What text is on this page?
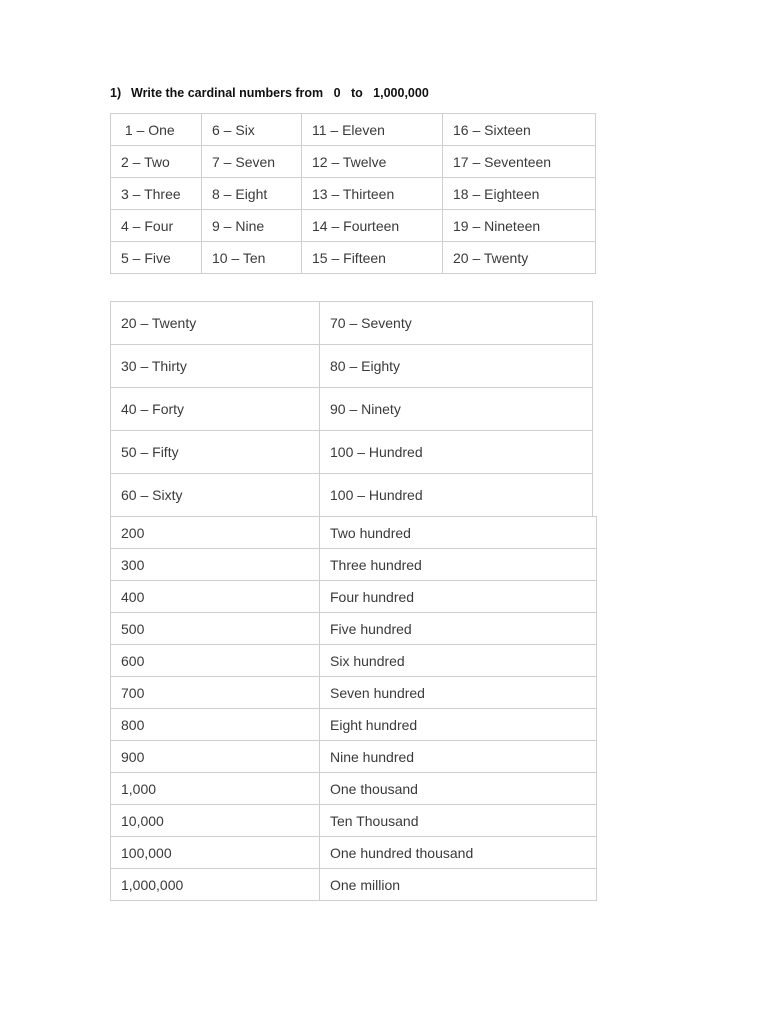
1) Write the cardinal numbers from   0   to   1,000,000
1 – One	6 – Six	11 – Eleven	16 – Sixteen
2 – Two	7 – Seven	12 – Twelve	17 – Seventeen
3 – Three	8 – Eight	13 – Thirteen	18 – Eighteen
4 – Four	9 – Nine	14 – Fourteen	19 – Nineteen
5 – Five	10 – Ten	15 – Fifteen	20 – Twenty
20 – Twenty	70 – Seventy
30 – Thirty	80 – Eighty
40 – Forty	90 – Ninety
50 – Fifty	100 – Hundred
60 – Sixty	100 – Hundred
200	Two hundred
300	Three hundred
400	Four hundred
500	Five hundred
600	Six hundred
700	Seven hundred
800	Eight hundred
900	Nine hundred
1,000	One thousand
10,000	Ten Thousand
100,000	One hundred thousand
1,000,000	One million
